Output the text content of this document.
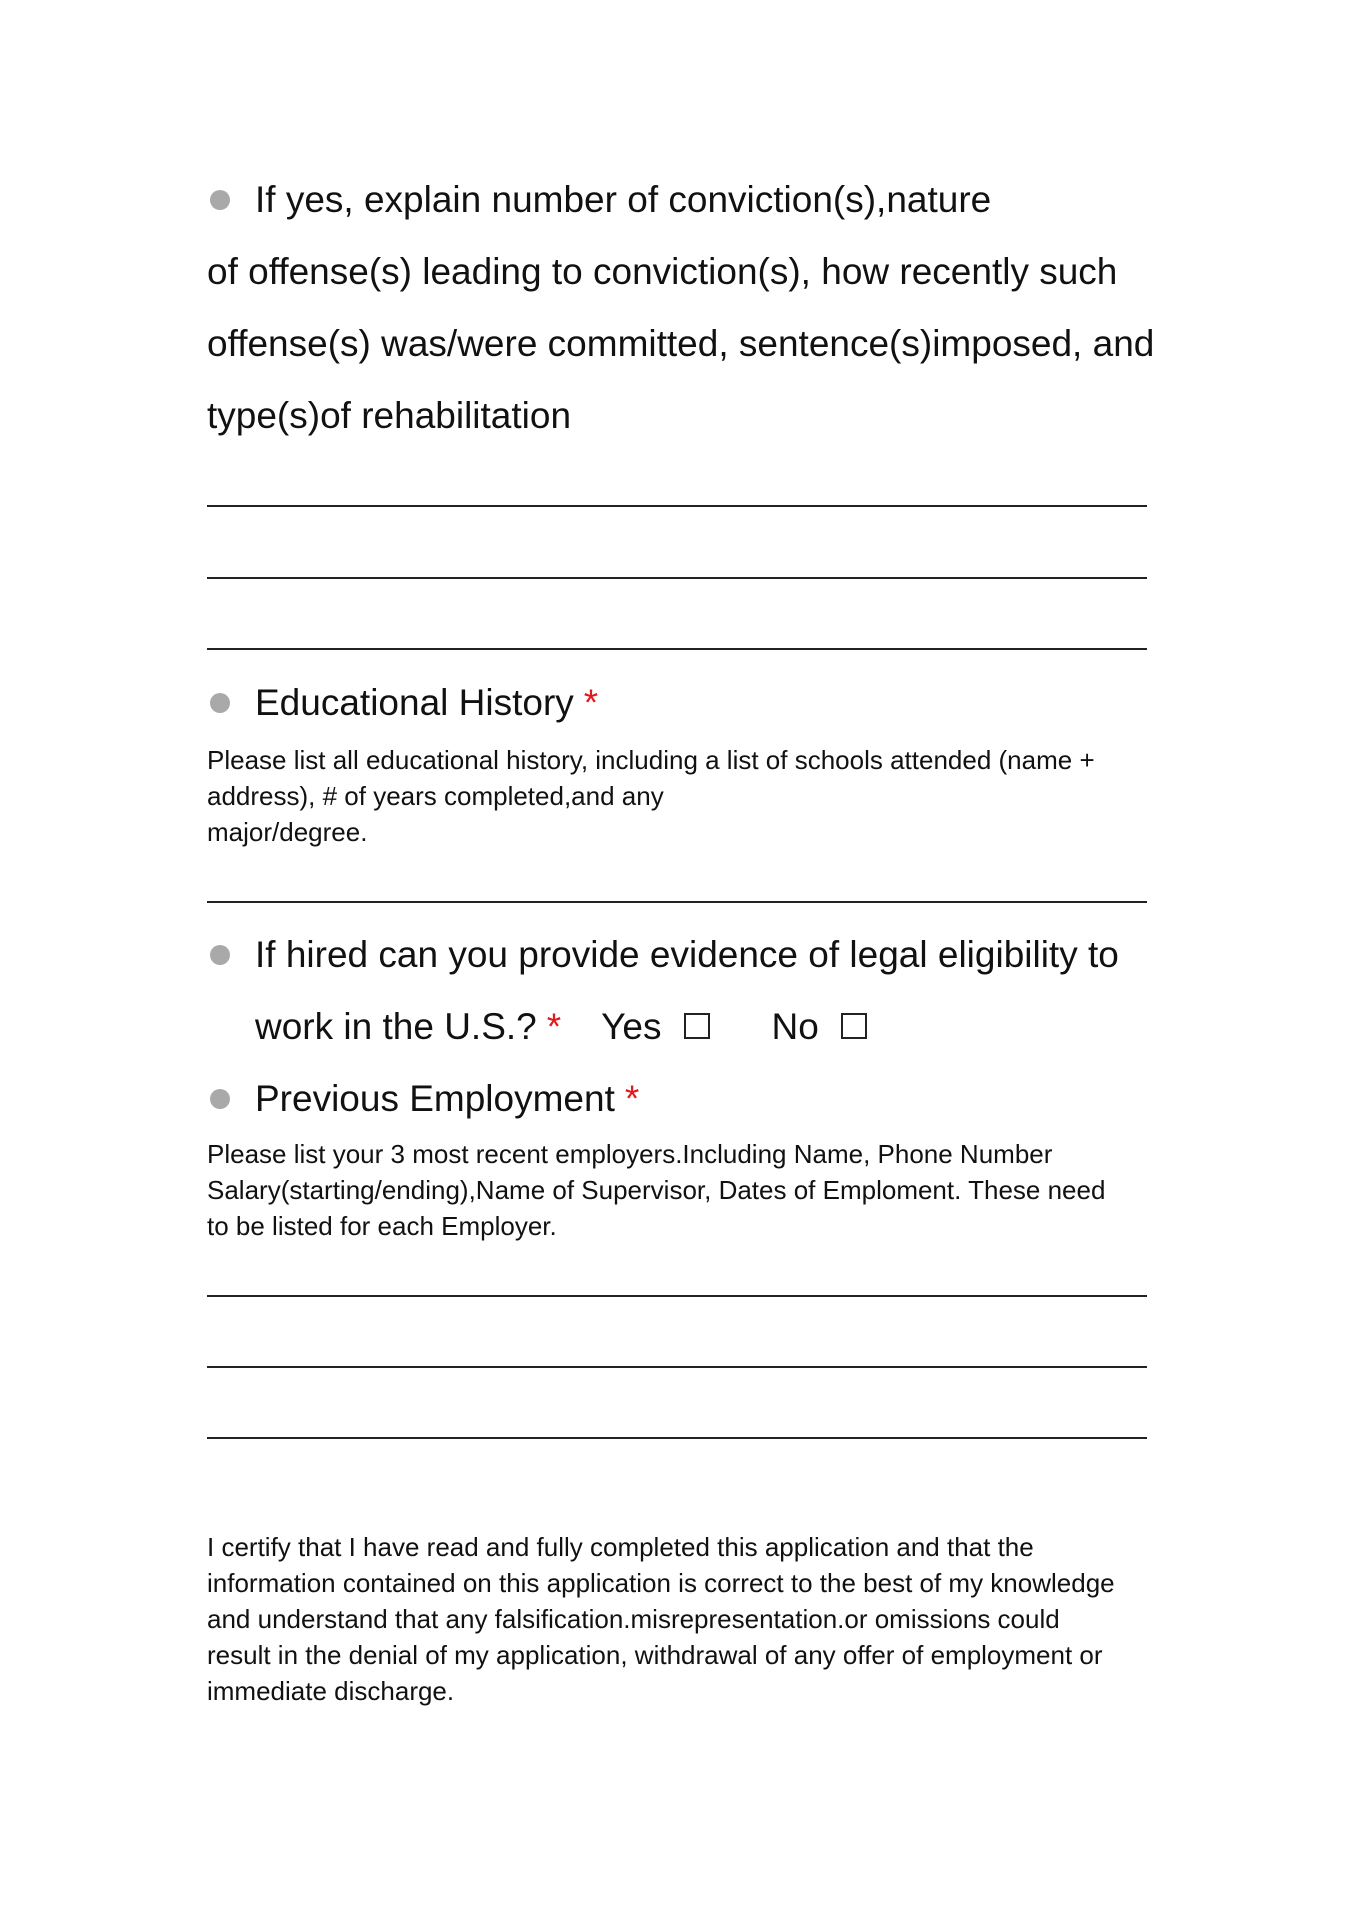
If yes, explain number of conviction(s),nature
of offense(s) leading to conviction(s), how recently such
offense(s) was/were committed, sentence(s)imposed, and
type(s)of rehabilitation
Educational History *
Please list all educational history, including a list of schools attended (name +
address), # of years completed,and any
major/degree.
If hired can you provide evidence of legal eligibility to
work in the U.S.? * Yes	No
Previous Employment *
Please list your 3 most recent employers.Including Name, Phone Number
Salary(starting/ending),Name of Supervisor, Dates of Emploment. These need
to be listed for each Employer.
I certify that I have read and fully completed this application and that the
information contained on this application is correct to the best of my knowledge
and understand that any falsification.misrepresentation.or omissions could
result in the denial of my application, withdrawal of any offer of employment or
immediate discharge.
